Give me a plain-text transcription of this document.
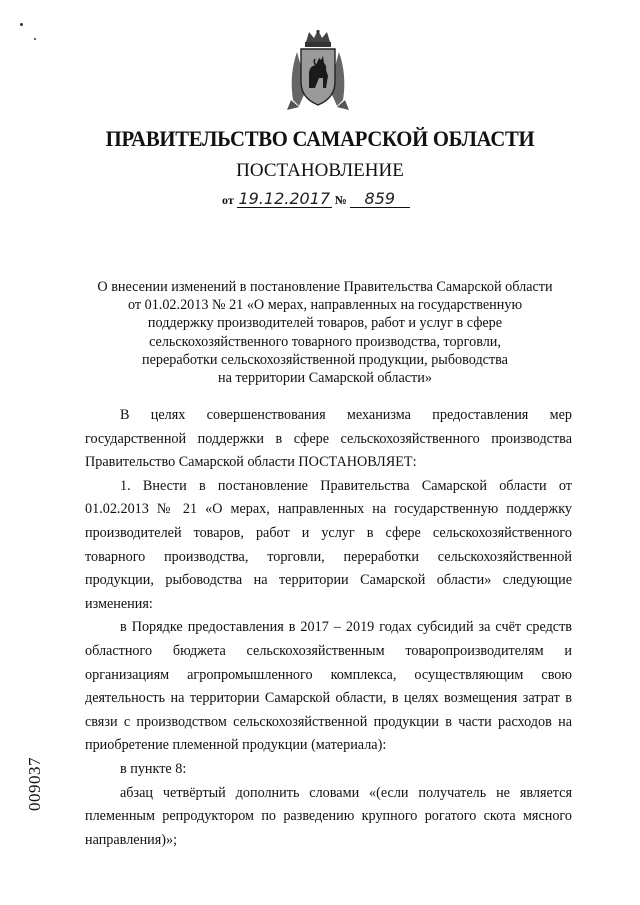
ПРАВИТЕЛЬСТВО САМАРСКОЙ ОБЛАСТИ
ПОСТАНОВЛЕНИЕ
от 19.12.2017 № 859
О внесении изменений в постановление Правительства Самарской области
от 01.02.2013 № 21 «О мерах, направленных на государственную
поддержку производителей товаров, работ и услуг в сфере
сельскохозяйственного товарного производства, торговли,
переработки сельскохозяйственной продукции, рыбоводства
на территории Самарской области»

В целях совершенствования механизма предоставления мер государственной поддержки в сфере сельскохозяйственного производства Правительство Самарской области ПОСТАНОВЛЯЕТ:

1. Внести в постановление Правительства Самарской области от 01.02.2013 № 21 «О мерах, направленных на государственную поддержку производителей товаров, работ и услуг в сфере сельскохозяйственного товарного производства, торговли, переработки сельскохозяйственной продукции, рыбоводства на территории Самарской области» следующие изменения:

в Порядке предоставления в 2017 – 2019 годах субсидий за счёт средств областного бюджета сельскохозяйственным товаропроизводителям и организациям агропромышленного комплекса, осуществляющим свою деятельность на территории Самарской области, в целях возмещения затрат в связи с производством сельскохозяйственной продукции в части расходов на приобретение племенной продукции (материала):

в пункте 8:

абзац четвёртый дополнить словами «(если получатель не является племенным репродуктором по разведению крупного рогатого скота мясного направления)»;

009037
